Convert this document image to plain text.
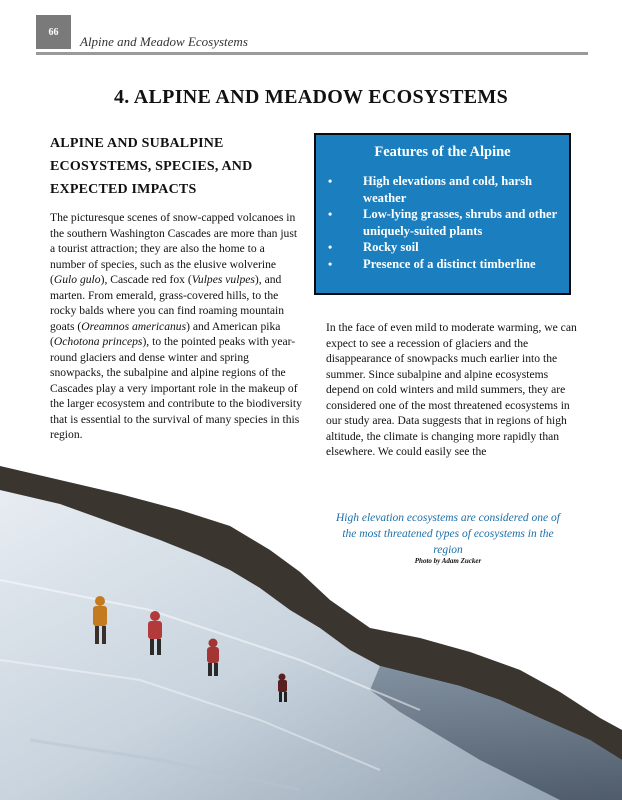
66
Alpine and Meadow Ecosystems
4. ALPINE AND MEADOW ECOSYSTEMS
ALPINE AND SUBALPINE
ECOSYSTEMS, SPECIES, AND
EXPECTED IMPACTS

The picturesque scenes of snow-capped volcanoes in the southern Washington Cascades are more than just a tourist attraction; they are also the home to a number of species, such as the elusive wolverine (Gulo gulo), Cascade red fox (Vulpes vulpes), and marten. From emerald, grass-covered hills, to the rocky balds where you can find roaming mountain goats (Oreamnos americanus) and American pika (Ochotona princeps), to the pointed peaks with year-round glaciers and dense winter and spring snowpacks, the subalpine and alpine regions of the Cascades play a very important role in the makeup of the larger ecosystem and contribute to the biodiversity that is essential to the survival of many species in this region.

Features of the Alpine
• High elevations and cold, harsh weather
• Low-lying grasses, shrubs and other uniquely-suited plants
• Rocky soil
• Presence of a distinct timberline

In the face of even mild to moderate warming, we can expect to see a recession of glaciers and the disappearance of snowpacks much earlier into the summer. Since subalpine and alpine ecosystems depend on cold winters and mild summers, they are considered one of the most threatened ecosystems in our study area. Data suggests that in regions of high altitude, the climate is changing more rapidly than elsewhere. We could easily see the

High elevation ecosystems are considered one of the most threatened types of ecosystems in the region
Photo by Adam Zucker
